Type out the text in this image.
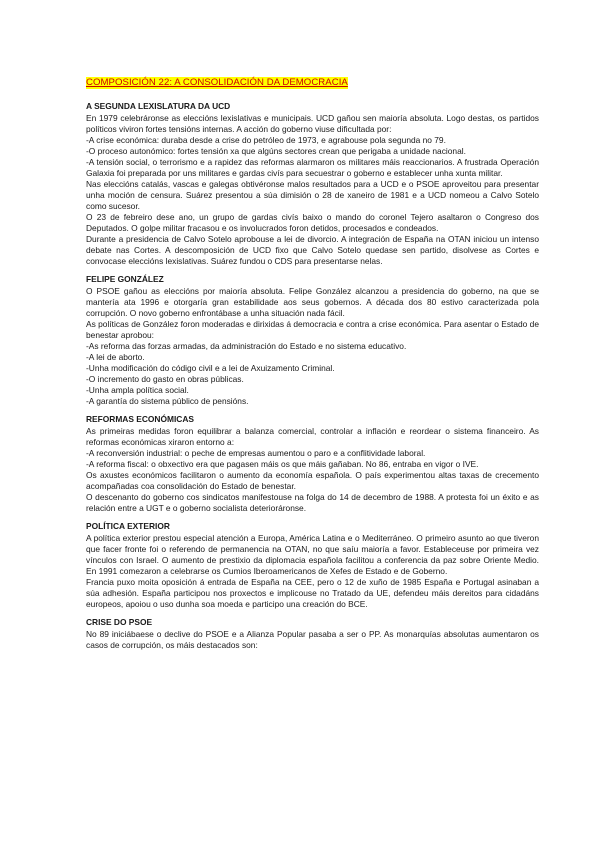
COMPOSICIÓN 22: A CONSOLIDACIÓN DA DEMOCRACIA
A SEGUNDA LEXISLATURA DA UCD

En 1979 celebráronse as eleccións lexislativas e municipais. UCD gañou sen maioría absoluta. Logo destas, os partidos políticos viviron fortes tensións internas. A acción do goberno viuse dificultada por:

-A crise económica: duraba desde a crise do petróleo de 1973, e agrabouse pola segunda no 79.

-O proceso autonómico: fortes tensión xa que algúns sectores crean que perigaba a unidade nacional.

-A tensión social, o terrorismo e a rapidez das reformas alarmaron os militares máis reaccionarios. A frustrada Operación Galaxia foi preparada por uns militares e gardas civís para secuestrar o goberno e establecer unha xunta militar.

Nas eleccións catalás, vascas e galegas obtivéronse malos resultados para a UCD e o PSOE aproveitou para presentar unha moción de censura. Suárez presentou a súa dimisión o 28 de xaneiro de 1981 e a UCD nomeou a Calvo Sotelo como sucesor.

O 23 de febreiro dese ano, un grupo de gardas civís baixo o mando do coronel Tejero asaltaron o Congreso dos Deputados. O golpe militar fracasou e os involucrados foron detidos, procesados e condeados.

Durante a presidencia de Calvo Sotelo aprobouse a lei de divorcio. A integración de España na OTAN iniciou un intenso debate nas Cortes. A descomposición de UCD fixo que Calvo Sotelo quedase sen partido, disolvese as Cortes e convocase eleccións lexislativas. Suárez fundou o CDS para presentarse nelas.

FELIPE GONZÁLEZ

O PSOE gañou as eleccións por maioría absoluta. Felipe González alcanzou a presidencia do goberno, na que se mantería ata 1996 e otorgaría gran estabilidade aos seus gobernos. A década dos 80 estivo caracterizada pola corrupción. O novo goberno enfrontábase a unha situación nada fácil.

As políticas de González foron moderadas e dirixidas á democracia e contra a crise económica. Para asentar o Estado de benestar aprobou:

-As reforma das forzas armadas, da administración do Estado e no sistema educativo.

-A lei de aborto.

-Unha modificación do código civil e a lei de Axuizamento Criminal.

-O incremento do gasto en obras públicas.

-Unha ampla política social.

-A garantía do sistema público de pensións.

REFORMAS ECONÓMICAS

As primeiras medidas foron equilibrar a balanza comercial, controlar a inflación e reordear o sistema financeiro. As reformas económicas xiraron entorno a:

-A reconversión industrial: o peche de empresas aumentou o paro e a conflitividade laboral.

-A reforma fiscal: o obxectivo era que pagasen máis os que máis gañaban. No 86, entraba en vigor o IVE.

Os axustes económicos facilitaron o aumento da economía española. O país experimentou altas taxas de crecemento acompañadas coa consolidación do Estado de benestar.

O descenanto do goberno cos sindicatos manifestouse na folga do 14 de decembro de 1988. A protesta foi un éxito e as relación entre a UGT e o goberno socialista deterioráronse.

POLÍTICA EXTERIOR

A política exterior prestou especial atención a Europa, América Latina e o Mediterráneo. O primeiro asunto ao que tiveron que facer fronte foi o referendo de permanencia na OTAN, no que saíu maioría a favor. Estableceuse por primeira vez vínculos con Israel. O aumento de prestixio da diplomacia española facilitou a conferencia da paz sobre Oriente Medio. En 1991 comezaron a celebrarse os Cumios Iberoamericanos de Xefes de Estado e de Goberno.

Francia puxo moita oposición á entrada de España na CEE, pero o 12 de xuño de 1985 España e Portugal asinaban a súa adhesión. España participou nos proxectos e implicouse no Tratado da UE, defendeu máis dereitos para cidadáns europeos, apoiou o uso dunha soa moeda e participo una creación do BCE.

CRISE DO PSOE

No 89 iniciábaese o declive do PSOE e a Alianza Popular pasaba a ser o PP. As monarquías absolutas aumentaron os casos de corrupción, os máis destacados son:
